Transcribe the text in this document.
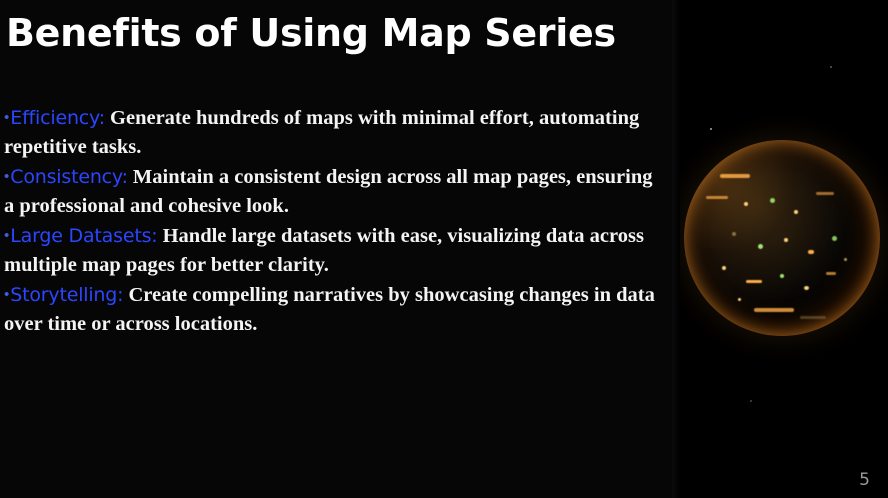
Benefits of Using Map Series

•Efficiency: Generate hundreds of maps with minimal effort, automating repetitive tasks.

•Consistency: Maintain a consistent design across all map pages, ensuring a professional and cohesive look.

•Large Datasets: Handle large datasets with ease, visualizing data across multiple map pages for better clarity.

•Storytelling: Create compelling narratives by showcasing changes in data over time or across locations.

5
